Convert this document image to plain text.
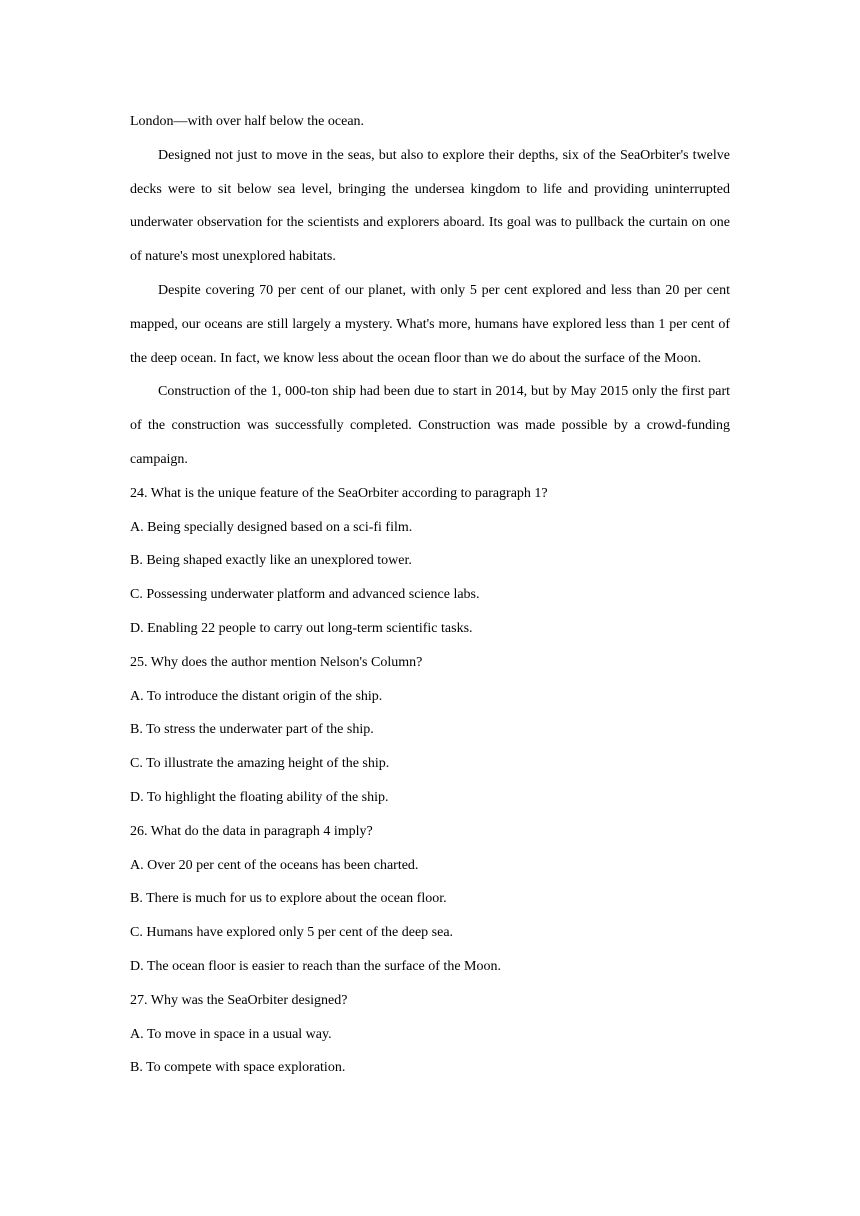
London—with over half below the ocean.

Designed not just to move in the seas, but also to explore their depths, six of the SeaOrbiter's twelve decks were to sit below sea level, bringing the undersea kingdom to life and providing uninterrupted underwater observation for the scientists and explorers aboard. Its goal was to pullback the curtain on one of nature's most unexplored habitats.

Despite covering 70 per cent of our planet, with only 5 per cent explored and less than 20 per cent mapped, our oceans are still largely a mystery. What's more, humans have explored less than 1 per cent of the deep ocean. In fact, we know less about the ocean floor than we do about the surface of the Moon.

Construction of the 1, 000-ton ship had been due to start in 2014, but by May 2015 only the first part of the construction was successfully completed. Construction was made possible by a crowd-funding campaign.

24. What is the unique feature of the SeaOrbiter according to paragraph 1?

A. Being specially designed based on a sci-fi film.

B. Being shaped exactly like an unexplored tower.

C. Possessing underwater platform and advanced science labs.

D. Enabling 22 people to carry out long-term scientific tasks.

25. Why does the author mention Nelson's Column?

A. To introduce the distant origin of the ship.

B. To stress the underwater part of the ship.

C. To illustrate the amazing height of the ship.

D. To highlight the floating ability of the ship.

26. What do the data in paragraph 4 imply?

A. Over 20 per cent of the oceans has been charted.

B. There is much for us to explore about the ocean floor.

C. Humans have explored only 5 per cent of the deep sea.

D. The ocean floor is easier to reach than the surface of the Moon.

27. Why was the SeaOrbiter designed?

A. To move in space in a usual way.

B. To compete with space exploration.
